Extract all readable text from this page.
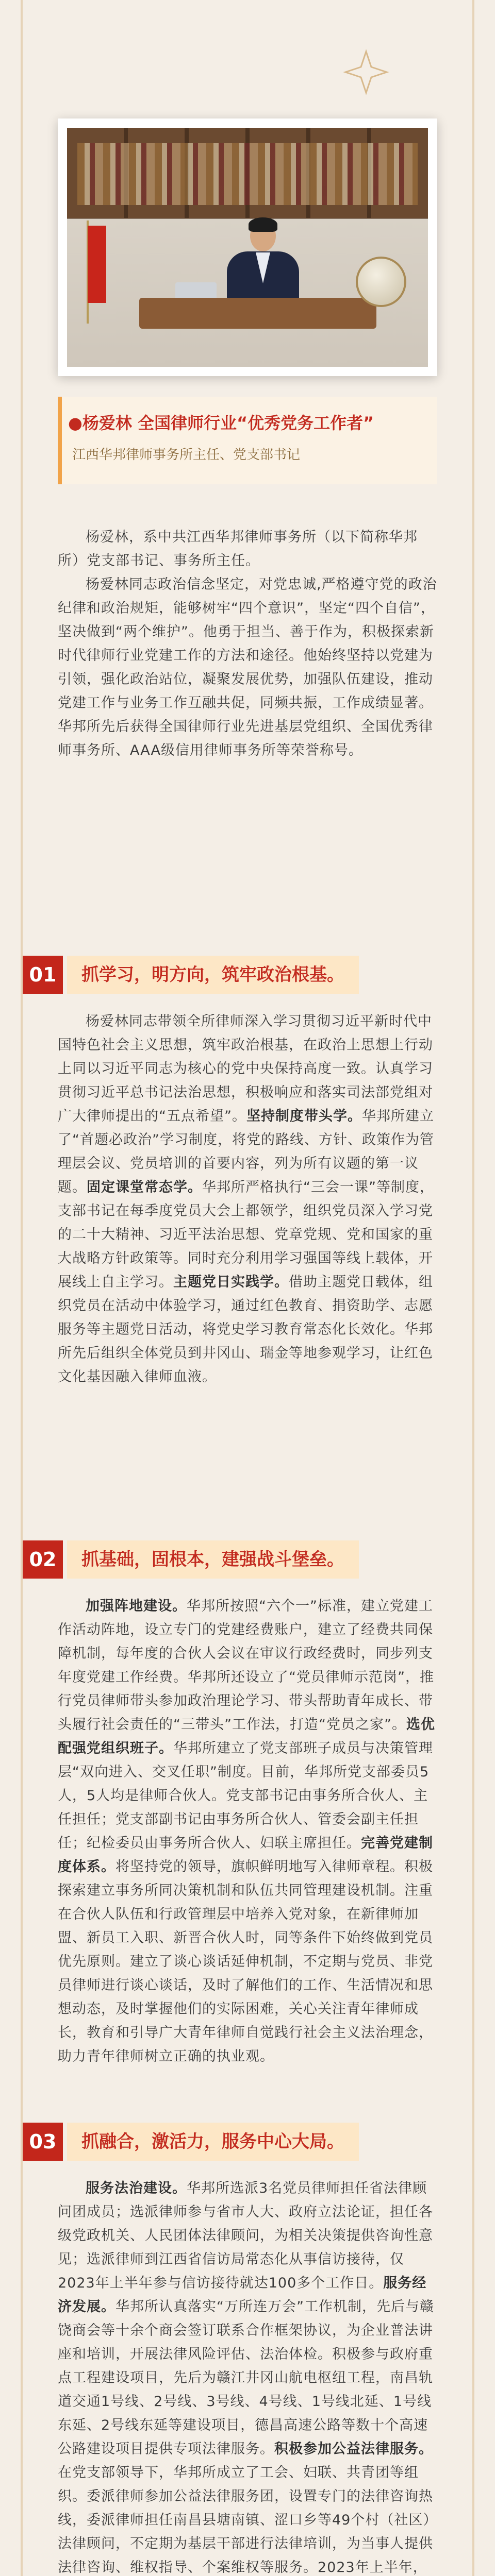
●杨爱林 全国律师行业“优秀党务工作者”
江西华邦律师事务所主任、党支部书记

杨爱林，系中共江西华邦律师事务所（以下简称华邦所）党支部书记、事务所主任。

杨爱林同志政治信念坚定，对党忠诚,严格遵守党的政治纪律和政治规矩，能够树牢“四个意识”，坚定“四个自信”，坚决做到“两个维护”。他勇于担当、善于作为，积极探索新时代律师行业党建工作的方法和途径。他始终坚持以党建为引领，强化政治站位，凝聚发展优势，加强队伍建设，推动党建工作与业务工作互融共促，同频共振，工作成绩显著。华邦所先后获得全国律师行业先进基层党组织、全国优秀律师事务所、AAA级信用律师事务所等荣誉称号。

01	抓学习，明方向，筑牢政治根基。

杨爱林同志带领全所律师深入学习贯彻习近平新时代中国特色社会主义思想，筑牢政治根基，在政治上思想上行动上同以习近平同志为核心的党中央保持高度一致。认真学习贯彻习近平总书记法治思想，积极响应和落实司法部党组对广大律师提出的“五点希望”。坚持制度带头学。华邦所建立了“首题必政治”学习制度，将党的路线、方针、政策作为管理层会议、党员培训的首要内容，列为所有议题的第一议题。固定课堂常态学。华邦所严格执行“三会一课”等制度，支部书记在每季度党员大会上都领学，组织党员深入学习党的二十大精神、习近平法治思想、党章党规、党和国家的重大战略方针政策等。同时充分利用学习强国等线上载体，开展线上自主学习。主题党日实践学。借助主题党日载体，组织党员在活动中体验学习，通过红色教育、捐资助学、志愿服务等主题党日活动，将党史学习教育常态化长效化。华邦所先后组织全体党员到井冈山、瑞金等地参观学习，让红色文化基因融入律师血液。

02	抓基础，固根本，建强战斗堡垒。

加强阵地建设。华邦所按照“六个一”标准，建立党建工作活动阵地，设立专门的党建经费账户，建立了经费共同保障机制，每年度的合伙人会议在审议行政经费时，同步列支年度党建工作经费。华邦所还设立了“党员律师示范岗”，推行党员律师带头参加政治理论学习、带头帮助青年成长、带头履行社会责任的“三带头”工作法，打造“党员之家”。选优配强党组织班子。华邦所建立了党支部班子成员与决策管理层“双向进入、交叉任职”制度。目前，华邦所党支部委员5人，5人均是律师合伙人。党支部书记由事务所合伙人、主任担任；党支部副书记由事务所合伙人、管委会副主任担任；纪检委员由事务所合伙人、妇联主席担任。完善党建制度体系。将坚持党的领导，旗帜鲜明地写入律师章程。积极探索建立事务所同决策机制和队伍共同管理建设机制。注重在合伙人队伍和行政管理层中培养入党对象，在新律师加盟、新员工入职、新晋合伙人时，同等条件下始终做到党员优先原则。建立了谈心谈话延伸机制，不定期与党员、非党员律师进行谈心谈话，及时了解他们的工作、生活情况和思想动态，及时掌握他们的实际困难，关心关注青年律师成长，教育和引导广大青年律师自觉践行社会主义法治理念，助力青年律师树立正确的执业观。

03	抓融合，激活力，服务中心大局。

服务法治建设。华邦所选派3名党员律师担任省法律顾问团成员；选派律师参与省市人大、政府立法论证，担任各级党政机关、人民团体法律顾问，为相关决策提供咨询性意见；选派律师到江西省信访局常态化从事信访接待，仅2023年上半年参与信访接待就达100多个工作日。服务经济发展。华邦所认真落实“万所连万会”工作机制，先后与赣饶商会等十余个商会签订联系合作框架协议，为企业普法讲座和培训，开展法律风险评估、法治体检。积极参与政府重点工程建设项目，先后为赣江井冈山航电枢纽工程，南昌轨道交通1号线、2号线、3号线、4号线、1号线北延、1号线东延、2号线东延等建设项目，德昌高速公路等数十个高速公路建设项目提供专项法律服务。积极参加公益法律服务。在党支部领导下，华邦所成立了工会、妇联、共青团等组织。委派律师参加公益法律服务团，设置专门的法律咨询热线，委派律师担任南昌县塘南镇、涩口乡等49个村（社区）法律顾问，不定期为基层干部进行法律培训，为当事人提供法律咨询、维权指导、个案维权等服务。2023年上半年，
